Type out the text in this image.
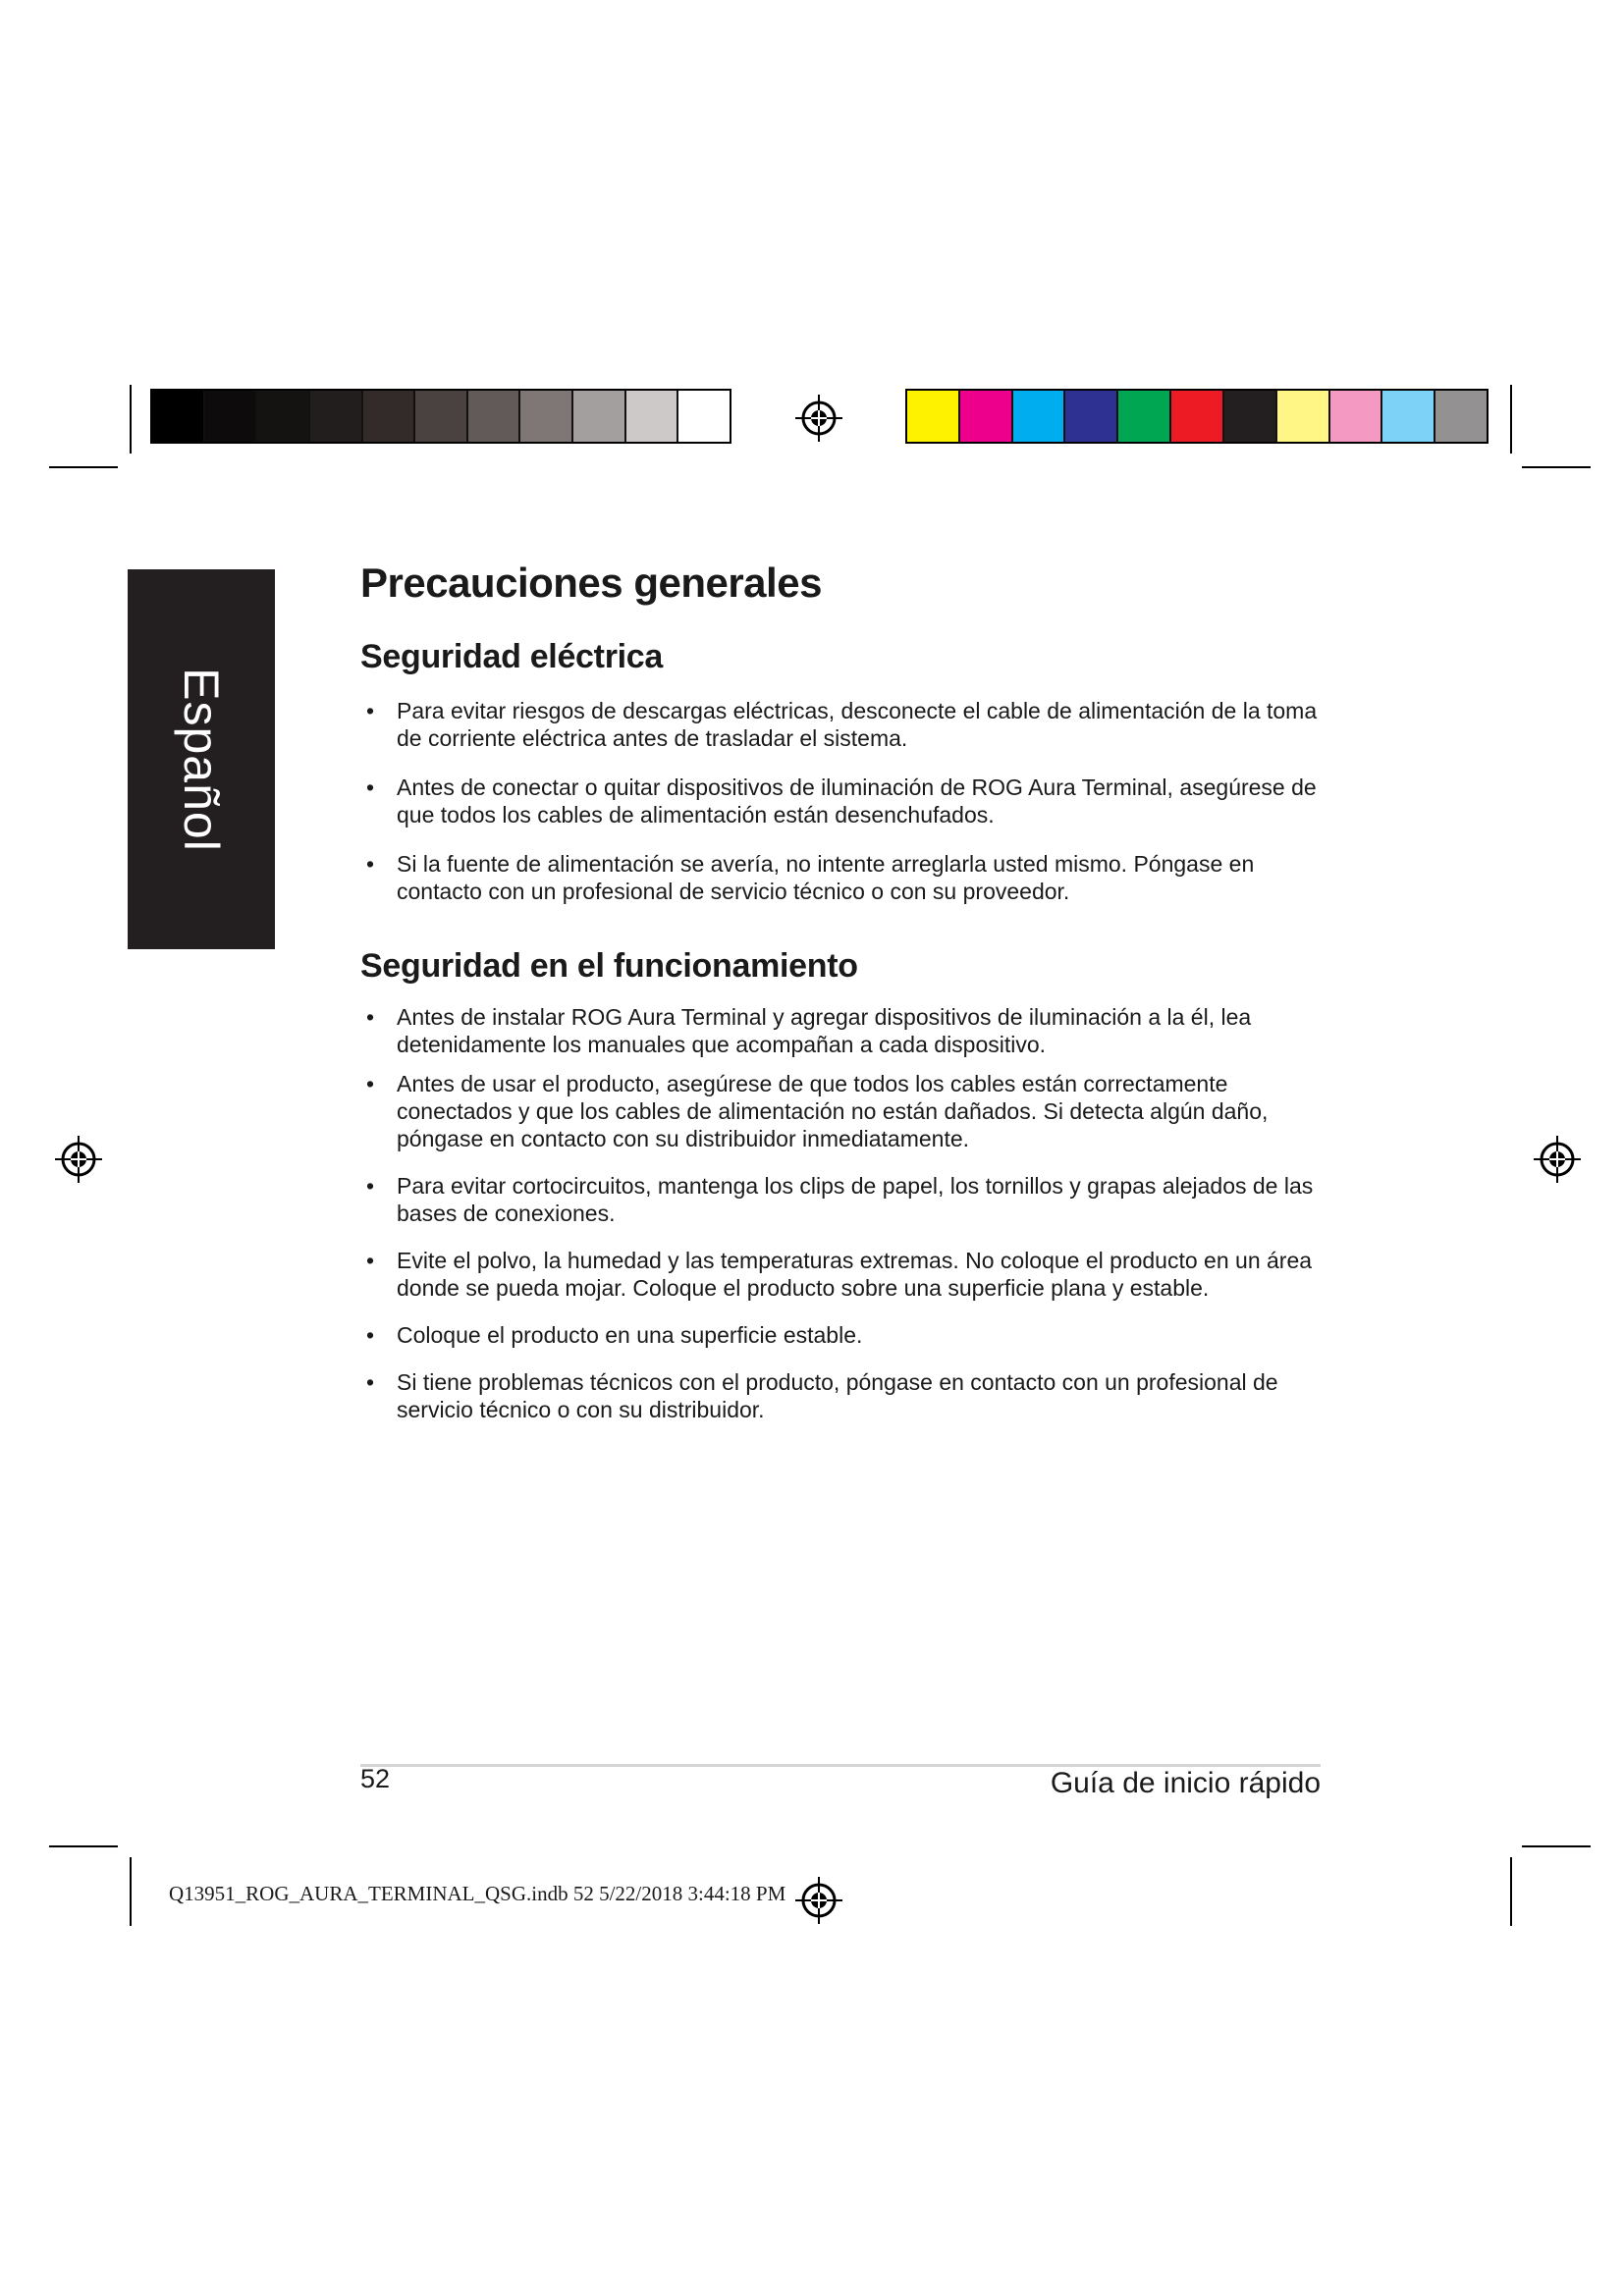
Español
Precauciones generales
Seguridad eléctrica
• Para evitar riesgos de descargas eléctricas, desconecte el cable de alimentación de la toma de corriente eléctrica antes de trasladar el sistema.
• Antes de conectar o quitar dispositivos de iluminación de ROG Aura Terminal, asegúrese de que todos los cables de alimentación están desenchufados.
• Si la fuente de alimentación se avería, no intente arreglarla usted mismo. Póngase en contacto con un profesional de servicio técnico o con su proveedor.
Seguridad en el funcionamiento
• Antes de instalar ROG Aura Terminal y agregar dispositivos de iluminación a la él, lea detenidamente los manuales que acompañan a cada dispositivo.
• Antes de usar el producto, asegúrese de que todos los cables están correctamente conectados y que los cables de alimentación no están dañados. Si detecta algún daño, póngase en contacto con su distribuidor inmediatamente.
• Para evitar cortocircuitos, mantenga los clips de papel, los tornillos y grapas alejados de las bases de conexiones.
• Evite el polvo, la humedad y las temperaturas extremas. No coloque el producto en un área donde se pueda mojar. Coloque el producto sobre una superficie plana y estable.
• Coloque el producto en una superficie estable.
• Si tiene problemas técnicos con el producto, póngase en contacto con un profesional de servicio técnico o con su distribuidor.
52	Guía de inicio rápido
Q13951_ROG_AURA_TERMINAL_QSG.indb 52 5/22/2018 3:44:18 PM
